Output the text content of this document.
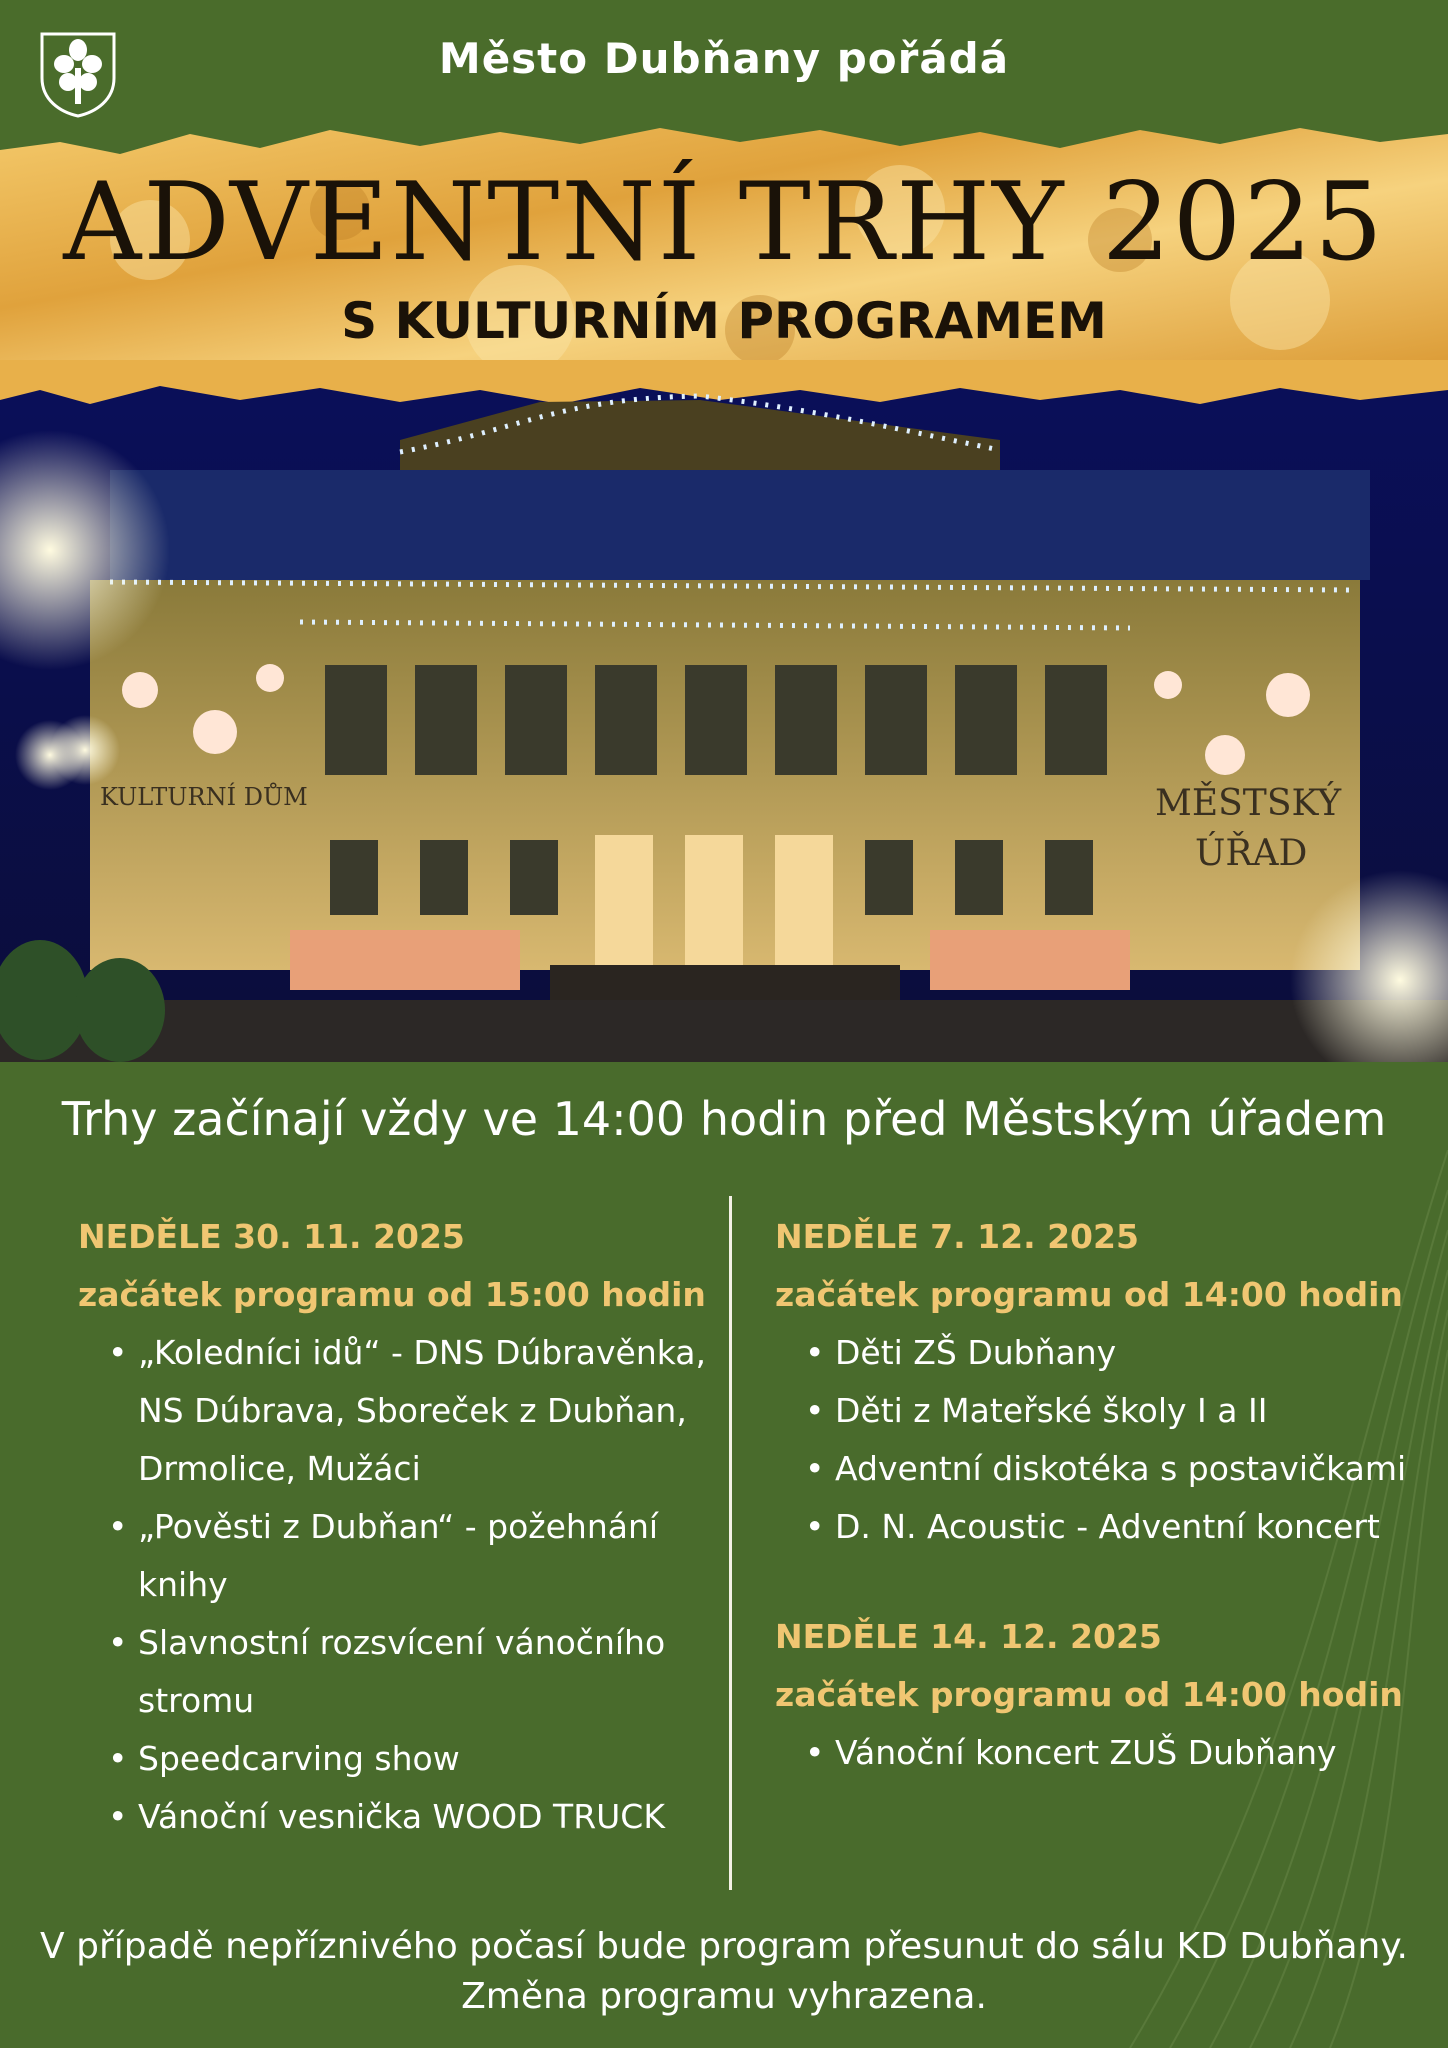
Město Dubňany pořádá
ADVENTNÍ TRHY 2025
S KULTURNÍM PROGRAMEM
KULTURNÍ DŮM	MĚSTSKÝ
ÚŘAD
Trhy začínají vždy ve 14:00 hodin před Městským úřadem
NEDĚLE 30. 11. 2025
začátek programu od 15:00 hodin
• „Koledníci idů“ - DNS Dúbravěnka, NS Dúbrava, Sboreček z Dubňan, Drmolice, Mužáci
• „Pověsti z Dubňan“ - požehnání knihy
• Slavnostní rozsvícení vánočního stromu
• Speedcarving show
• Vánoční vesnička WOOD TRUCK
NEDĚLE 7. 12. 2025
začátek programu od 14:00 hodin
• Děti ZŠ Dubňany
• Děti z Mateřské školy I a II
• Adventní diskotéka s postavičkami
• D. N. Acoustic - Adventní koncert
NEDĚLE 14. 12. 2025
začátek programu od 14:00 hodin
• Vánoční koncert ZUŠ Dubňany
V případě nepříznivého počasí bude program přesunut do sálu KD Dubňany.
Změna programu vyhrazena.
